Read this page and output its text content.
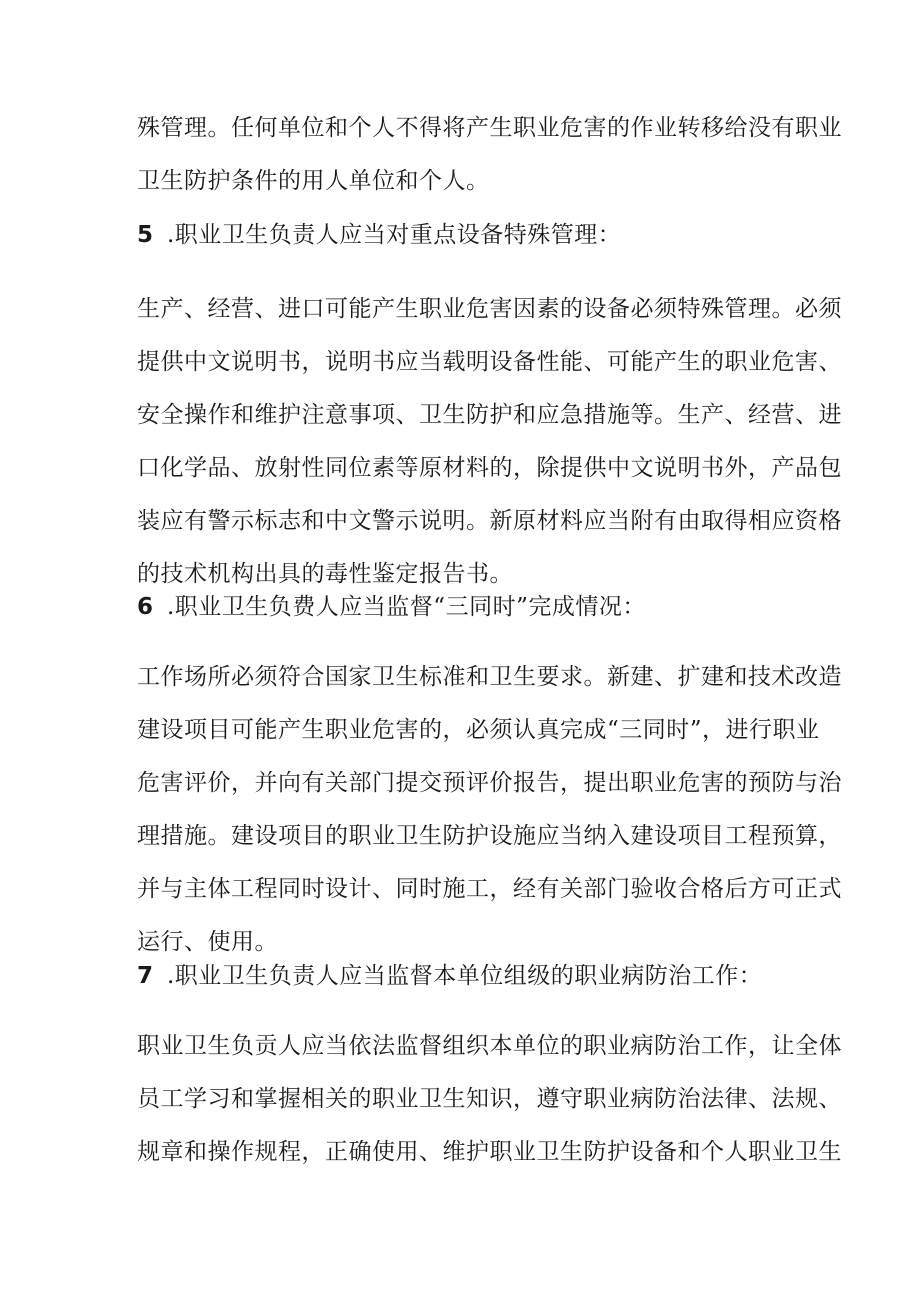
殊管理。任何单位和个人不得将产生职业危害的作业转移给没有职业
卫生防护条件的用人单位和个人。

5 .职业卫生负责人应当对重点设备特殊管理：

生产、经营、进口可能产生职业危害因素的设备必须特殊管理。必须
提供中文说明书，说明书应当载明设备性能、可能产生的职业危害、
安全操作和维护注意事项、卫生防护和应急措施等。生产、经营、进
口化学品、放射性同位素等原材料的，除提供中文说明书外，产品包
装应有警示标志和中文警示说明。新原材料应当附有由取得相应资格
的技术机构出具的毒性鉴定报告书。

6 .职业卫生负费人应当监督“三同时”完成情况：

工作场所必须符合国家卫生标准和卫生要求。新建、扩建和技术改造
建设项目可能产生职业危害的，必须认真完成“三同时”，进行职业
危害评价，并向有关部门提交预评价报告，提出职业危害的预防与治
理措施。建设项目的职业卫生防护设施应当纳入建设项目工程预算，
并与主体工程同时设计、同时施工，经有关部门验收合格后方可正式
运行、使用。

7 .职业卫生负责人应当监督本单位组级的职业病防治工作：

职业卫生负贡人应当依法监督组织本单位的职业病防治工作，让全体
员工学习和掌握相关的职业卫生知识，遵守职业病防治法律、法规、
规章和操作规程，正确使用、维护职业卫生防护设备和个人职业卫生
